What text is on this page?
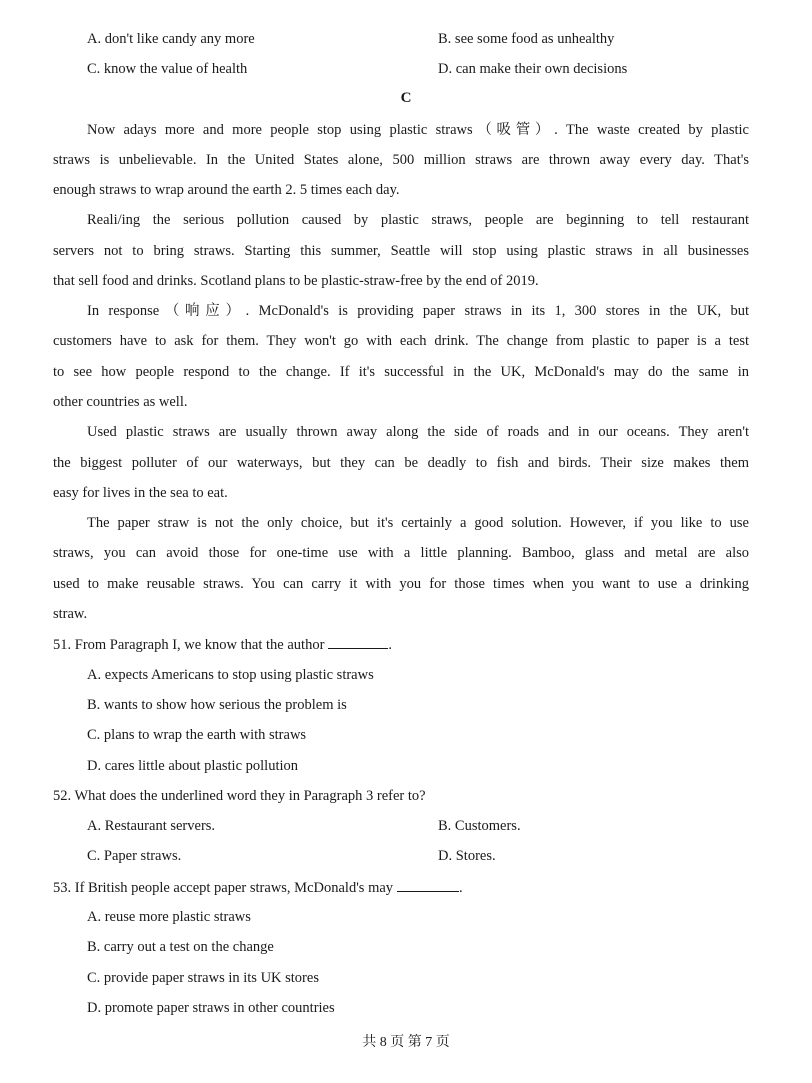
A. don't like candy any more	B. see some food as unhealthy
C. know the value of health	D. can make their own decisions
C
Now adays more and more people stop using plastic straws（吸管）. The waste created by plastic
straws is unbelievable. In the United States alone, 500 million straws are thrown away every day. That's
enough straws to wrap around the earth 2. 5 times each day.
Reali/ing the serious pollution caused by plastic straws, people are beginning to tell restaurant
servers not to bring straws. Starting this summer, Seattle will stop using plastic straws in all businesses
that sell food and drinks. Scotland plans to be plastic-straw-free by the end of 2019.
In response（响应）. McDonald's is providing paper straws in its 1, 300 stores in the UK, but
customers have to ask for them. They won't go with each drink. The change from plastic to paper is a test
to see how people respond to the change. If it's successful in the UK, McDonald's may do the same in
other countries as well.
Used plastic straws are usually thrown away along the side of roads and in our oceans. They aren't
the biggest polluter of our waterways, but they can be deadly to fish and birds. Their size makes them
easy for lives in the sea to eat.
The paper straw is not the only choice, but it's certainly a good solution. However, if you like to use
straws, you can avoid those for one-time use with a little planning. Bamboo, glass and metal are also
used to make reusable straws. You can carry it with you for those times when you want to use a drinking
straw.
51. From Paragraph I, we know that the author	.
A. expects Americans to stop using plastic straws
B. wants to show how serious the problem is
C. plans to wrap the earth with straws
D. cares little about plastic pollution
52. What does the underlined word they in Paragraph 3 refer to?
A. Restaurant servers.	B. Customers.
C. Paper straws.	D. Stores.
53. If British people accept paper straws, McDonald's may	.
A. reuse more plastic straws
B. carry out a test on the change
C. provide paper straws in its UK stores
D. promote paper straws in other countries
共 8 页 第 7 页
